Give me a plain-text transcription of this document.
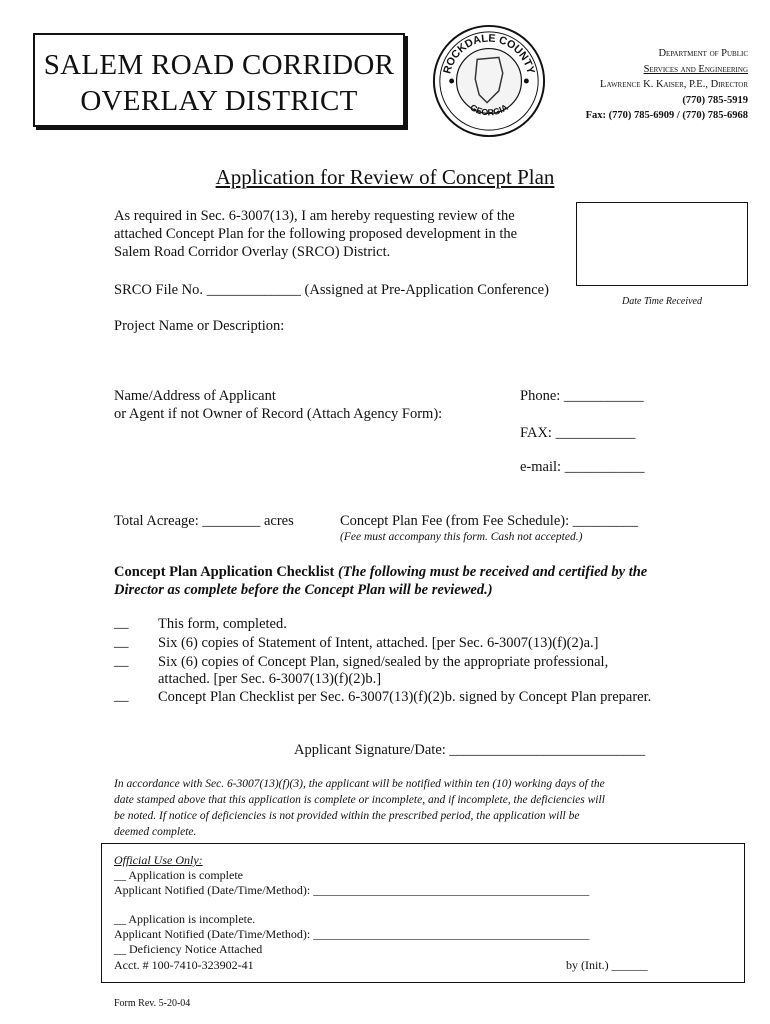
SALEM ROAD CORRIDOR
OVERLAY DISTRICT
ROCKDALE COUNTY
GEORGIA
Department of Public
Services and Engineering
Lawrence K. Kaiser, P.E., Director
(770) 785-5919
Fax: (770) 785-6909 / (770) 785-6968
Application for Review of Concept Plan
As required in Sec. 6-3007(13), I am hereby requesting review of the
attached Concept Plan for the following proposed development in the
Salem Road Corridor Overlay (SRCO) District.
Date Time Received
SRCO File No. _____________ (Assigned at Pre-Application Conference)
Project Name or Description:
Name/Address of Applicant
or Agent if not Owner of Record (Attach Agency Form):
Phone: ___________
FAX: ___________
e-mail: ___________
Total Acreage: ________ acres	Concept Plan Fee (from Fee Schedule): _________
(Fee must accompany this form. Cash not accepted.)
Concept Plan Application Checklist (The following must be received and certified by the
Director as complete before the Concept Plan will be reviewed.)
__ This form, completed.
__ Six (6) copies of Statement of Intent, attached. [per Sec. 6-3007(13)(f)(2)a.]
__ Six (6) copies of Concept Plan, signed/sealed by the appropriate professional,
attached. [per Sec. 6-3007(13)(f)(2)b.]
__ Concept Plan Checklist per Sec. 6-3007(13)(f)(2)b. signed by Concept Plan preparer.
Applicant Signature/Date: ___________________________
In accordance with Sec. 6-3007(13)(f)(3), the applicant will be notified within ten (10) working days of the
date stamped above that this application is complete or incomplete, and if incomplete, the deficiencies will
be noted. If notice of deficiencies is not provided within the prescribed period, the application will be
deemed complete.
Official Use Only:
__ Application is complete
Applicant Notified (Date/Time/Method): ______________________________________________
__ Application is incomplete.
Applicant Notified (Date/Time/Method): ______________________________________________
__ Deficiency Notice Attached
Acct. # 100-7410-323902-41	by (Init.) ______
Form Rev. 5-20-04
